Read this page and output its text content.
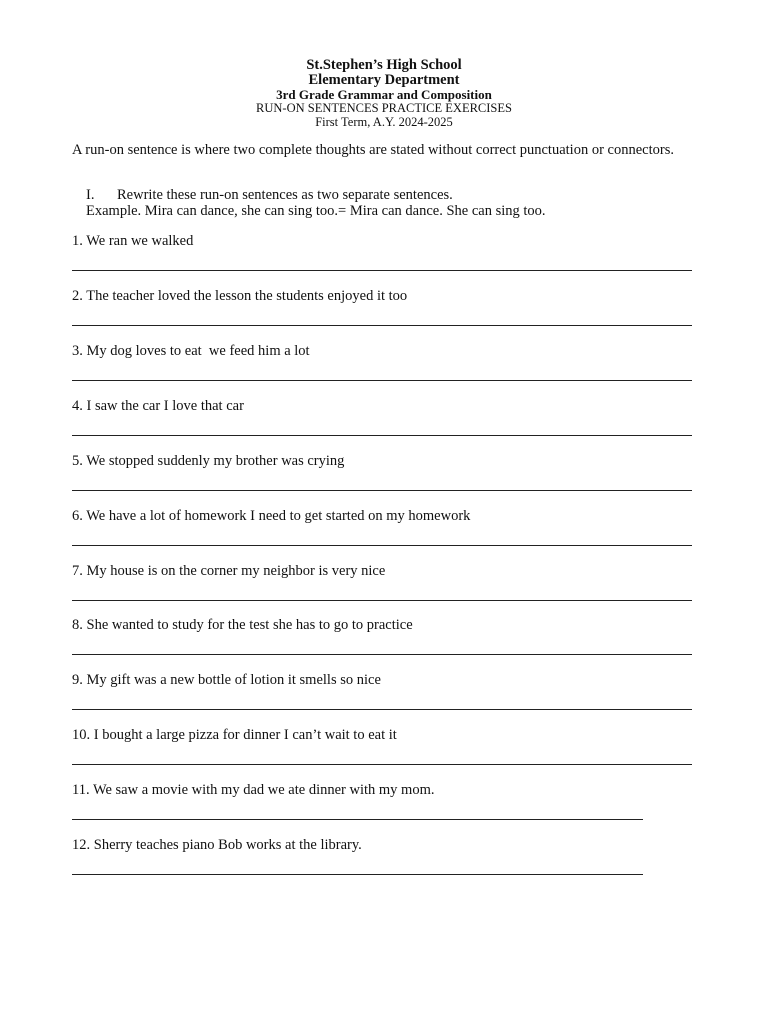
St.Stephen’s High School
Elementary Department
3rd Grade Grammar and Composition
RUN-ON SENTENCES PRACTICE EXERCISES
First Term, A.Y. 2024-2025
A run-on sentence is where two complete thoughts are stated without correct punctuation or connectors.
I. Rewrite these run-on sentences as two separate sentences.
Example. Mira can dance, she can sing too.= Mira can dance. She can sing too.
1. We ran we walked
2. The teacher loved the lesson the students enjoyed it too
3. My dog loves to eat  we feed him a lot
4. I saw the car I love that car
5. We stopped suddenly my brother was crying
6. We have a lot of homework I need to get started on my homework
7. My house is on the corner my neighbor is very nice
8. She wanted to study for the test she has to go to practice
9. My gift was a new bottle of lotion it smells so nice
10. I bought a large pizza for dinner I can’t wait to eat it
11. We saw a movie with my dad we ate dinner with my mom.
12. Sherry teaches piano Bob works at the library.
